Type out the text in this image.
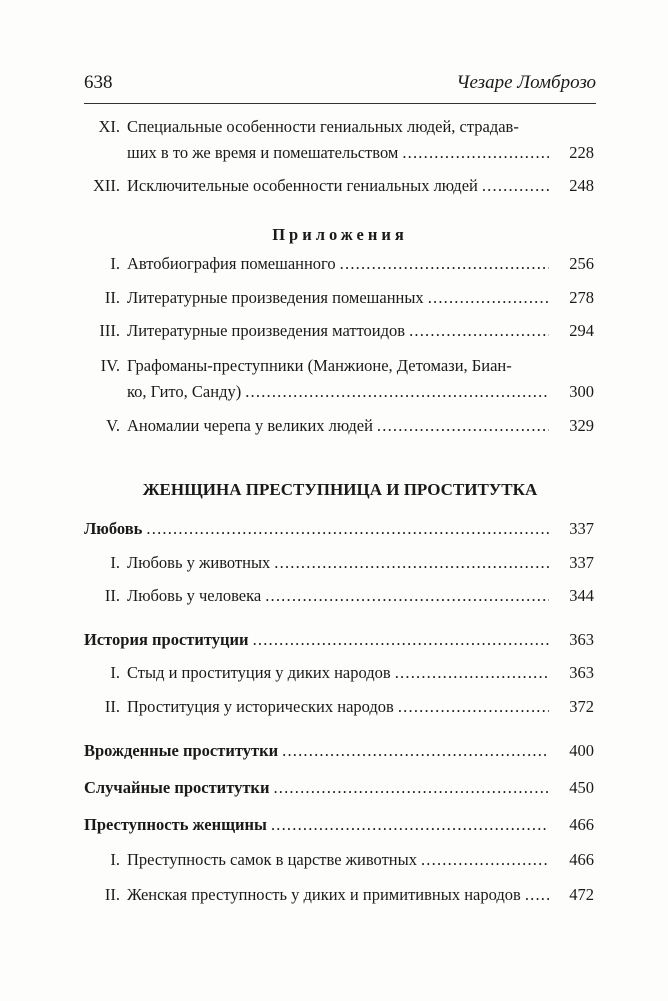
638	Чезаре Ломброзо
XI. Специальные особенности гениальных людей, страдав-
ших в то же время и помешательством .....	228
XII. Исключительные особенности гениальных людей .....	248
Приложения
I. Автобиография помешанного .....	256
II. Литературные произведения помешанных .....	278
III. Литературные произведения маттоидов .....	294
IV. Графоманы-преступники (Манжионе, Детомази, Биан-
ко, Гито, Санду) .....	300
V. Аномалии черепа у великих людей .....	329
ЖЕНЩИНА ПРЕСТУПНИЦА И ПРОСТИТУТКА
Любовь .....	337
I. Любовь у животных .....	337
II. Любовь у человека .....	344
История проституции .....	363
I. Стыд и проституция у диких народов .....	363
II. Проституция у исторических народов .....	372
Врожденные проститутки .....	400
Случайные проститутки .....	450
Преступность женщины .....	466
I. Преступность самок в царстве животных .....	466
II. Женская преступность у диких и примитивных народов .....	472
